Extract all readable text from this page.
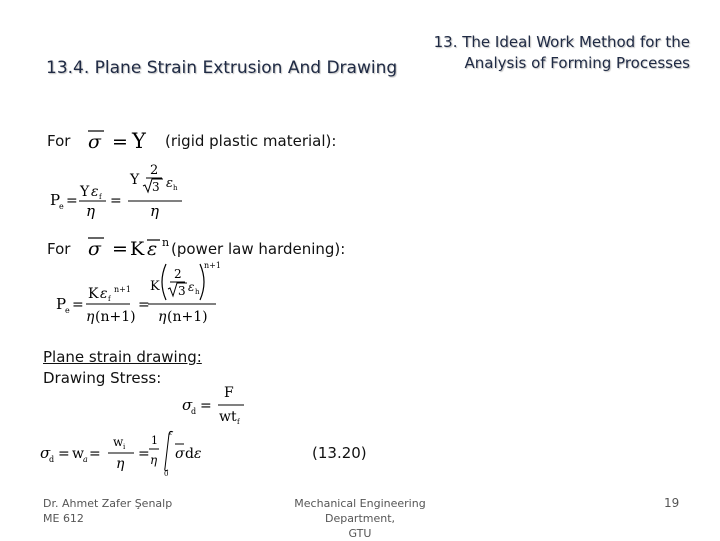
13.4. Plane Strain Extrusion And Drawing
13. The Ideal Work Method for the
Analysis of Forming Processes
For σ = Y (rigid plastic material):
P
e =
Y ε f
η
=
Y
2
3 ε h
η
For σ = K ε n (power law hardening):
P
e =
K ε f
n+1
η (n+1)
=
K
2
3 ε h
n+1
η (n+1)
Plane strain drawing:
Drawing Stress:
σ
d =
F
wt f
σ
d = w a =
w i
η
=
1
η
0
ε
σ d ε	(13.20)
Dr. Ahmet Zafer Şenalp
ME 612
Mechanical Engineering Department,
GTU
19
